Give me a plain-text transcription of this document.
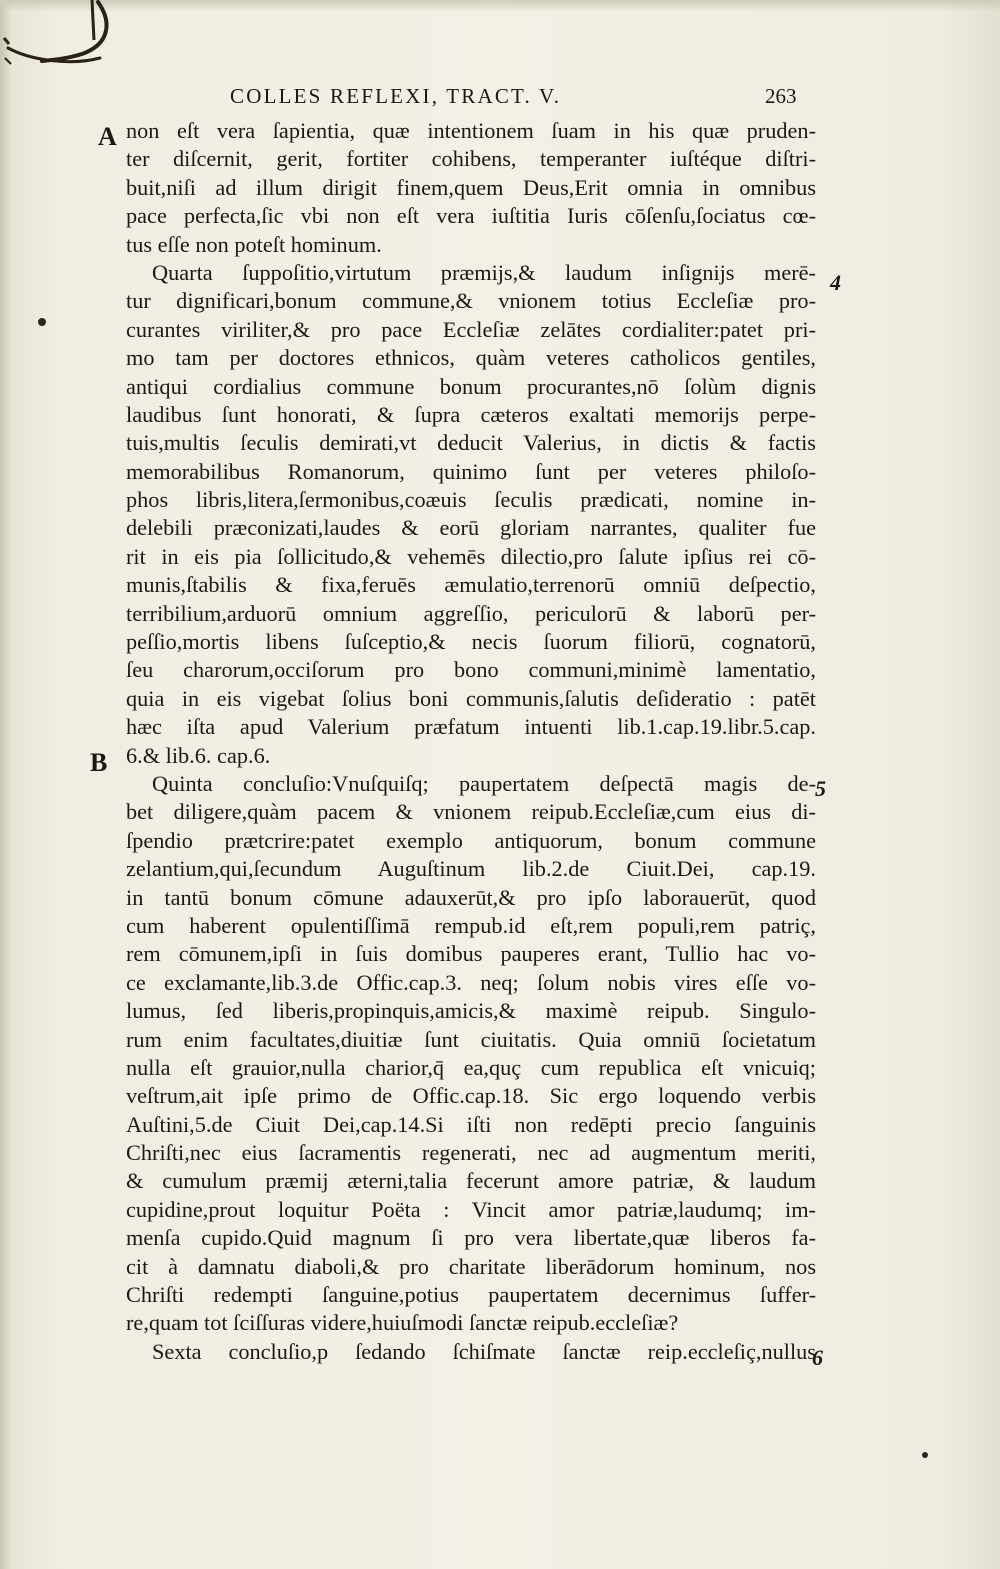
COLLES REFLEXI, TRACT. V.	263
A
B
4
5
6
non eſt vera ſapientia, quæ intentionem ſuam in his quæ pruden-
ter diſcernit, gerit, fortiter cohibens, temperanter iuſtéque diſtri-
buit,niſi ad illum dirigit finem,quem Deus,Erit omnia in omnibus
pace perfecta,ſic vbi non eſt vera iuſtitia Iuris cōſenſu,ſociatus cœ-
tus eſſe non poteſt hominum.
Quarta ſuppoſitio,virtutum præmĳs,& laudum inſignĳs merē-
tur dignificari,bonum commune,& vnionem totius Eccleſiæ pro-
curantes viriliter,& pro pace Eccleſiæ zelātes cordialiter:patet pri-
mo tam per doctores ethnicos, quàm veteres catholicos gentiles,
antiqui cordialius commune bonum procurantes,nō ſolùm dignis
laudibus ſunt honorati, & ſupra cæteros exaltati memorĳs perpe-
tuis,multis ſeculis demirati,vt deducit Valerius, in dictis & factis
memorabilibus Romanorum, quinimo ſunt per veteres philoſo-
phos libris,litera,ſermonibus,coæuis ſeculis prædicati, nomine in-
delebili præconizati,laudes & eorū gloriam narrantes, qualiter fue
rit in eis pia ſollicitudo,& vehemēs dilectio,pro ſalute ipſius rei cō-
munis,ſtabilis & fixa,feruēs æmulatio,terrenorū omniū deſpectio,
terribilium,arduorū omnium aggreſſio, periculorū & laborū per-
peſſio,mortis libens ſuſceptio,& necis ſuorum filiorū, cognatorū,
ſeu charorum,occiſorum pro bono communi,minimè lamentatio,
quia in eis vigebat ſolius boni communis,ſalutis deſideratio : patēt
hæc iſta apud Valerium præfatum intuenti lib.1.cap.19.libr.5.cap.
6.& lib.6. cap.6.
Quinta concluſio:Vnuſquiſq; paupertatem deſpectā magis de-
bet diligere,quàm pacem & vnionem reipub.Eccleſiæ,cum eius di-
ſpendio prætcrire:patet exemplo antiquorum, bonum commune
zelantium,qui,ſecundum Auguſtinum lib.2.de Ciuit.Dei, cap.19.
in tantū bonum cōmune adauxerūt,& pro ipſo laborauerūt, quod
cum haberent opulentiſſimā rempub.id eſt,rem populi,rem patriç,
rem cōmunem,ipſi in ſuis domibus pauperes erant, Tullio hac vo-
ce exclamante,lib.3.de Offic.cap.3. neq; ſolum nobis vires eſſe vo-
lumus, ſed liberis,propinquis,amicis,& maximè reipub. Singulo-
rum enim facultates,diuitiæ ſunt ciuitatis. Quia omniū ſocietatum
nulla eſt grauior,nulla charior,q̄ ea,quç cum republica eſt vnicuiq;
veſtrum,ait ipſe primo de Offic.cap.18. Sic ergo loquendo verbis
Auſtini,5.de Ciuit Dei,cap.14.Si iſti non redēpti precio ſanguinis
Chriſti,nec eius ſacramentis regenerati, nec ad augmentum meriti,
& cumulum præmĳ æterni,talia fecerunt amore patriæ, & laudum
cupidine,prout loquitur Poëta : Vincit amor patriæ,laudumq; im-
menſa cupido.Quid magnum ſi pro vera libertate,quæ liberos fa-
cit à damnatu diaboli,& pro charitate liberādorum hominum, nos
Chriſti redempti ſanguine,potius paupertatem decernimus ſuffer-
re,quam tot ſciſſuras videre,huiuſmodi ſanctæ reipub.eccleſiæ?
Sexta concluſio,p ſedando ſchiſmate ſanctæ reip.eccleſiç,nullus
